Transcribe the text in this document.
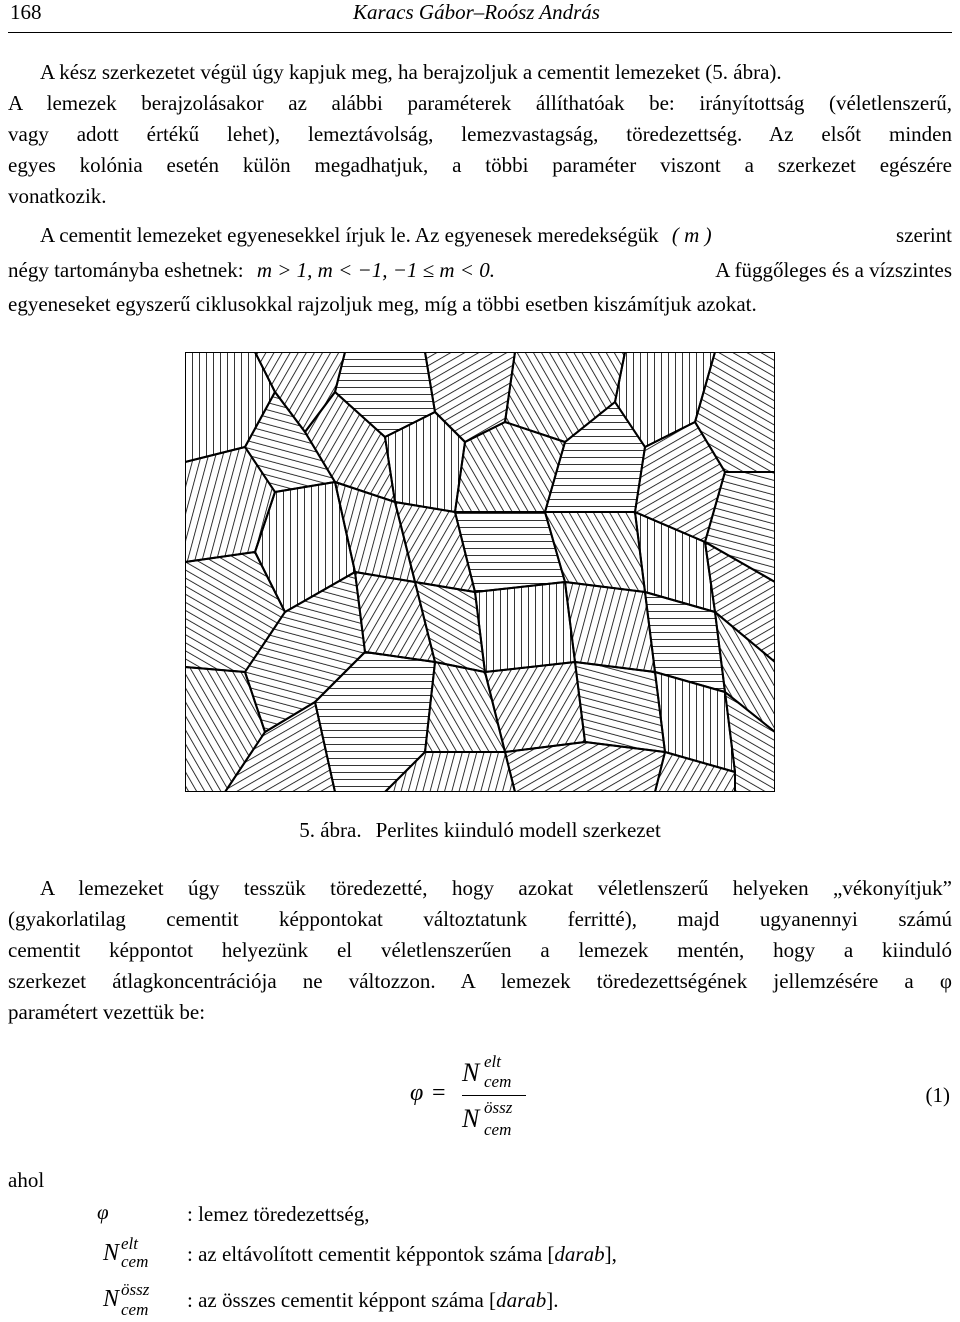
168	Karacs Gábor–Roósz András
A kész szerkezetet végül úgy kapjuk meg, ha berajzoljuk a cementit lemezeket (5. ábra).
A lemezek berajzolásakor az alábbi paraméterek állíthatóak be: irányítottság (véletlenszerű,
vagy adott értékű lehet), lemeztávolság, lemezvastagság, töredezettség. Az elsőt minden
egyes kolónia esetén külön megadhatjuk, a többi paraméter viszont a szerkezet egészére
vonatkozik.
A cementit lemezeket egyenesekkel írjuk le. Az egyenesek meredekségük ( m )	szerint
négy tartományba eshetnek: m > 1, m < −1, −1 ≤ m < 0.	A függőleges és a vízszintes
egyeneseket egyszerű ciklusokkal rajzoljuk meg, míg a többi esetben kiszámítjuk azokat.
5. ábra. Perlites kiinduló modell szerkezet
A lemezeket úgy tesszük töredezetté, hogy azokat véletlenszerű helyeken „vékonyítjuk”
(gyakorlatilag cementit képpontokat változtatunk ferritté), majd ugyanennyi számú
cementit képpontot helyezünk el véletlenszerűen a lemezek mentén, hogy a kiinduló
szerkezet átlagkoncentrációja ne változzon. A lemezek töredezettségének jellemzésére a φ
paramétert vezettük be:
φ =
N elt
cem
N össz
cem
(1)
ahol
φ	: lemez töredezettség,
N elt
cem : az eltávolított cementit képpontok száma [darab],
N össz
cem : az összes cementit képpont száma [darab].
